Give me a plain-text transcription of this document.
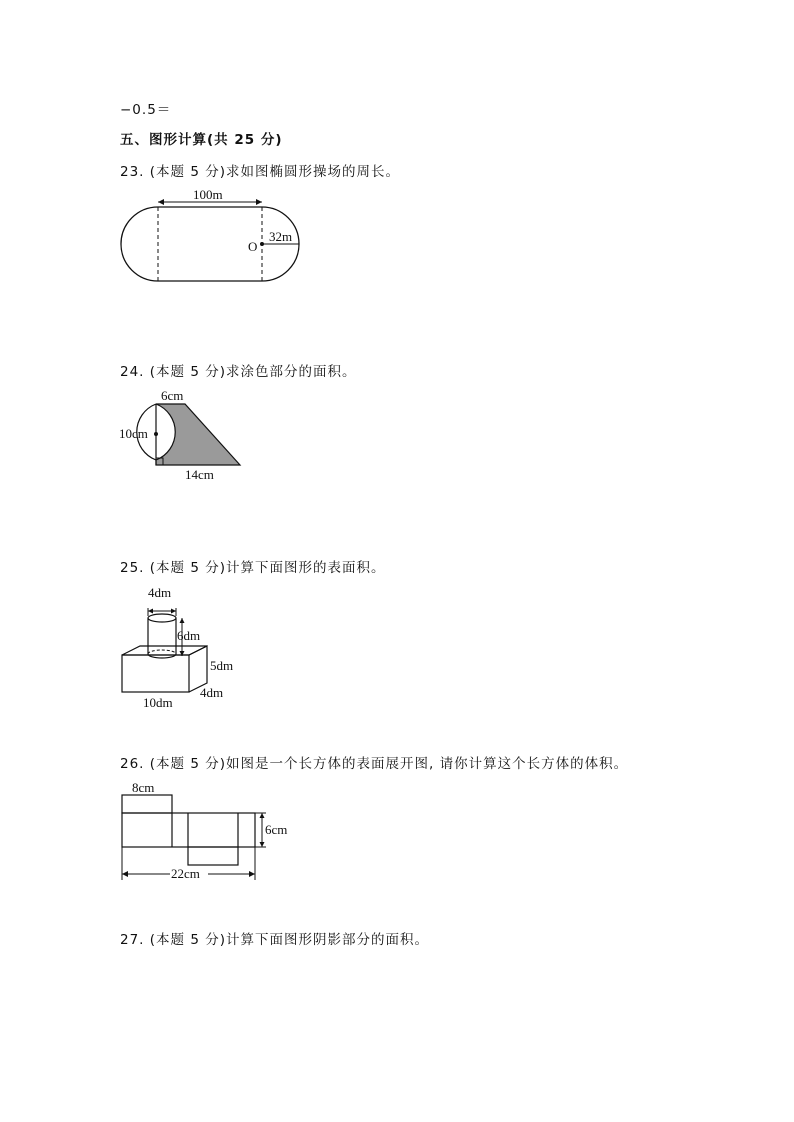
−0.5＝
五、图形计算(共 25 分)
23. (本题 5 分)求如图椭圆形操场的周长。
100m
O
32m
24. (本题 5 分)求涂色部分的面积。
6cm
10cm
14cm
25. (本题 5 分)计算下面图形的表面积。
4dm
6dm
5dm
4dm
10dm
26. (本题 5 分)如图是一个长方体的表面展开图, 请你计算这个长方体的体积。
8cm
6cm
22cm
27. (本题 5 分)计算下面图形阴影部分的面积。
